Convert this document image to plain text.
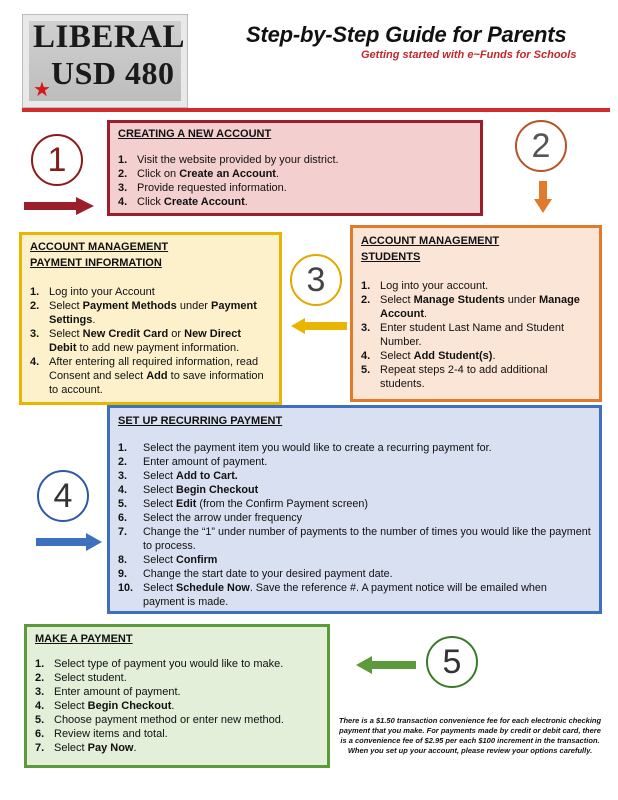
LIBERAL
USD 480
★
Step-by-Step Guide for Parents
Getting started with e~Funds for Schools
1	2
3
4
5
CREATING A NEW ACCOUNT
1. Visit the website provided by your district.
2. Click on Create an Account.
3. Provide requested information.
4. Click Create Account.
ACCOUNT MANAGEMENT
STUDENTS
1. Log into your account.
2. Select Manage Students under Manage Account.
3. Enter student Last Name and Student Number.
4. Select Add Student(s).
5. Repeat steps 2-4 to add additional students.
ACCOUNT MANAGEMENT
PAYMENT INFORMATION
1. Log into your Account
2. Select Payment Methods under Payment Settings.
3. Select New Credit Card or New Direct Debit to add new payment information.
4. After entering all required information, read Consent and select Add to save information to account.
SET UP RECURRING PAYMENT
1. Select the payment item you would like to create a recurring payment for.
2. Enter amount of payment.
3. Select Add to Cart.
4. Select Begin Checkout
5. Select Edit (from the Confirm Payment screen)
6. Select the arrow under frequency
7. Change the “1” under number of payments to the number of times you would like the payment to process.
8. Select Confirm
9. Change the start date to your desired payment date.
10. Select Schedule Now. Save the reference #. A payment notice will be emailed when payment is made.
MAKE A PAYMENT
1. Select type of payment you would like to make.
2. Select student.
3. Enter amount of payment.
4. Select Begin Checkout.
5. Choose payment method or enter new method.
6. Review items and total.
7. Select Pay Now.
There is a $1.50 transaction convenience fee for each electronic checking payment that you make. For payments made by credit or debit card, there is a convenience fee of $2.95 per each $100 increment in the transaction. When you set up your account, please review your options carefully.
